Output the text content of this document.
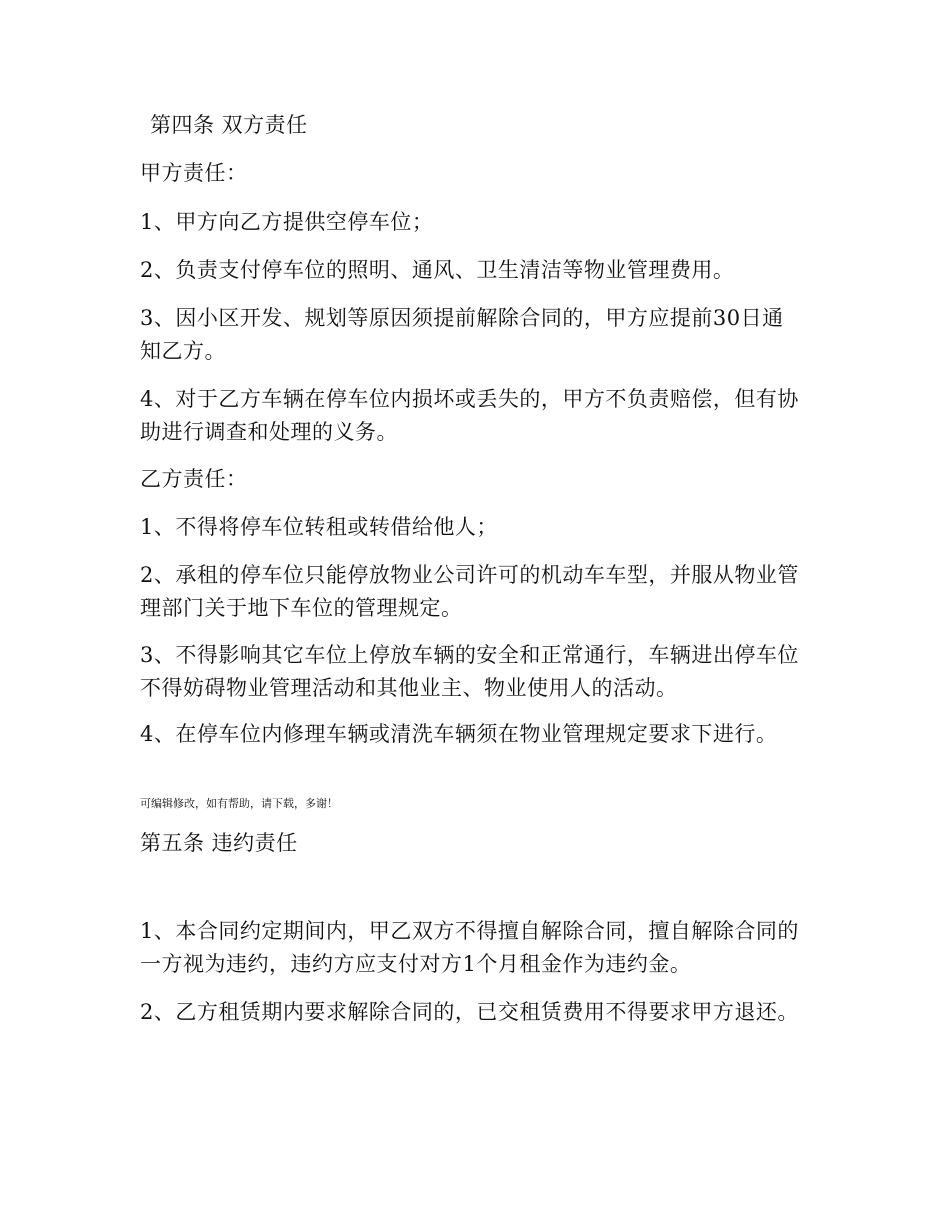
第四条 双方责任
甲方责任：
1、甲方向乙方提供空停车位；
2、负责支付停车位的照明、通风、卫生清洁等物业管理费用。
3、因小区开发、规划等原因须提前解除合同的，甲方应提前30日通知乙方。
4、对于乙方车辆在停车位内损坏或丢失的，甲方不负责赔偿，但有协助进行调查和处理的义务。
乙方责任：
1、不得将停车位转租或转借给他人；
2、承租的停车位只能停放物业公司许可的机动车车型，并服从物业管理部门关于地下车位的管理规定。
3、不得影响其它车位上停放车辆的安全和正常通行，车辆进出停车位不得妨碍物业管理活动和其他业主、物业使用人的活动。
4、在停车位内修理车辆或清洗车辆须在物业管理规定要求下进行。
可编辑修改，如有帮助，请下载，多谢！
第五条 违约责任
1、本合同约定期间内，甲乙双方不得擅自解除合同，擅自解除合同的一方视为违约，违约方应支付对方1个月租金作为违约金。
2、乙方租赁期内要求解除合同的，已交租赁费用不得要求甲方退还。
